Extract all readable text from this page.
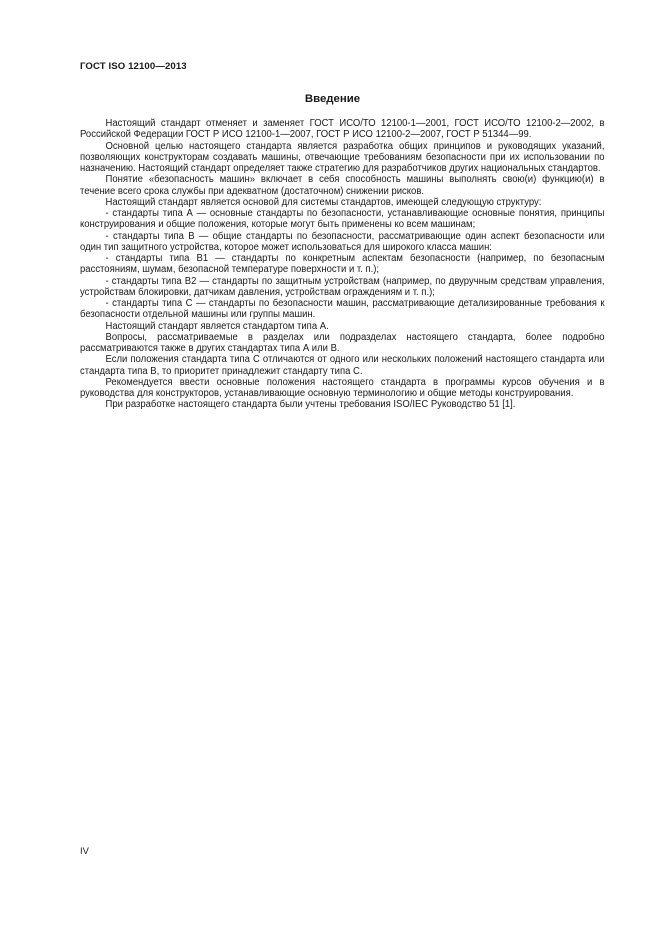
ГОСТ ISO 12100—2013
Введение

Настоящий стандарт отменяет и заменяет ГОСТ ИСО/ТО 12100-1—2001, ГОСТ ИСО/ТО 12100-2—2002, в Российской Федерации ГОСТ Р ИСО 12100-1—2007, ГОСТ Р ИСО 12100-2—2007, ГОСТ Р 51344—99.

Основной целью настоящего стандарта является разработка общих принципов и руководящих указаний, позволяющих конструкторам создавать машины, отвечающие требованиям безопасности при их использовании по назначению. Настоящий стандарт определяет также стратегию для разработчиков других национальных стандартов.

Понятие «безопасность машин» включает в себя способность машины выполнять свою(и) функцию(и) в течение всего срока службы при адекватном (достаточном) снижении рисков.

Настоящий стандарт является основой для системы стандартов, имеющей следующую структуру:

- стандарты типа А — основные стандарты по безопасности, устанавливающие основные понятия, принципы конструирования и общие положения, которые могут быть применены ко всем машинам;

- стандарты типа В — общие стандарты по безопасности, рассматривающие один аспект безопасности или один тип защитного устройства, которое может использоваться для широкого класса машин:

- стандарты типа В1 — стандарты по конкретным аспектам безопасности (например, по безопасным расстояниям, шумам, безопасной температуре поверхности и т. п.);

- стандарты типа В2 — стандарты по защитным устройствам (например, по двуручным средствам управления, устройствам блокировки, датчикам давления, устройствам ограждениям и т. п.);

- стандарты типа С — стандарты по безопасности машин, рассматривающие детализированные требования к безопасности отдельной машины или группы машин.

Настоящий стандарт является стандартом типа А.

Вопросы, рассматриваемые в разделах или подразделах настоящего стандарта, более подробно рассматриваются также в других стандартах типа А или В.

Если положения стандарта типа С отличаются от одного или нескольких положений настоящего стандарта или стандарта типа В, то приоритет принадлежит стандарту типа С.

Рекомендуется ввести основные положения настоящего стандарта в программы курсов обучения и в руководства для конструкторов, устанавливающие основную терминологию и общие методы конструирования.

При разработке настоящего стандарта были учтены требования ISO/IEC Руководство 51 [1].

IV
